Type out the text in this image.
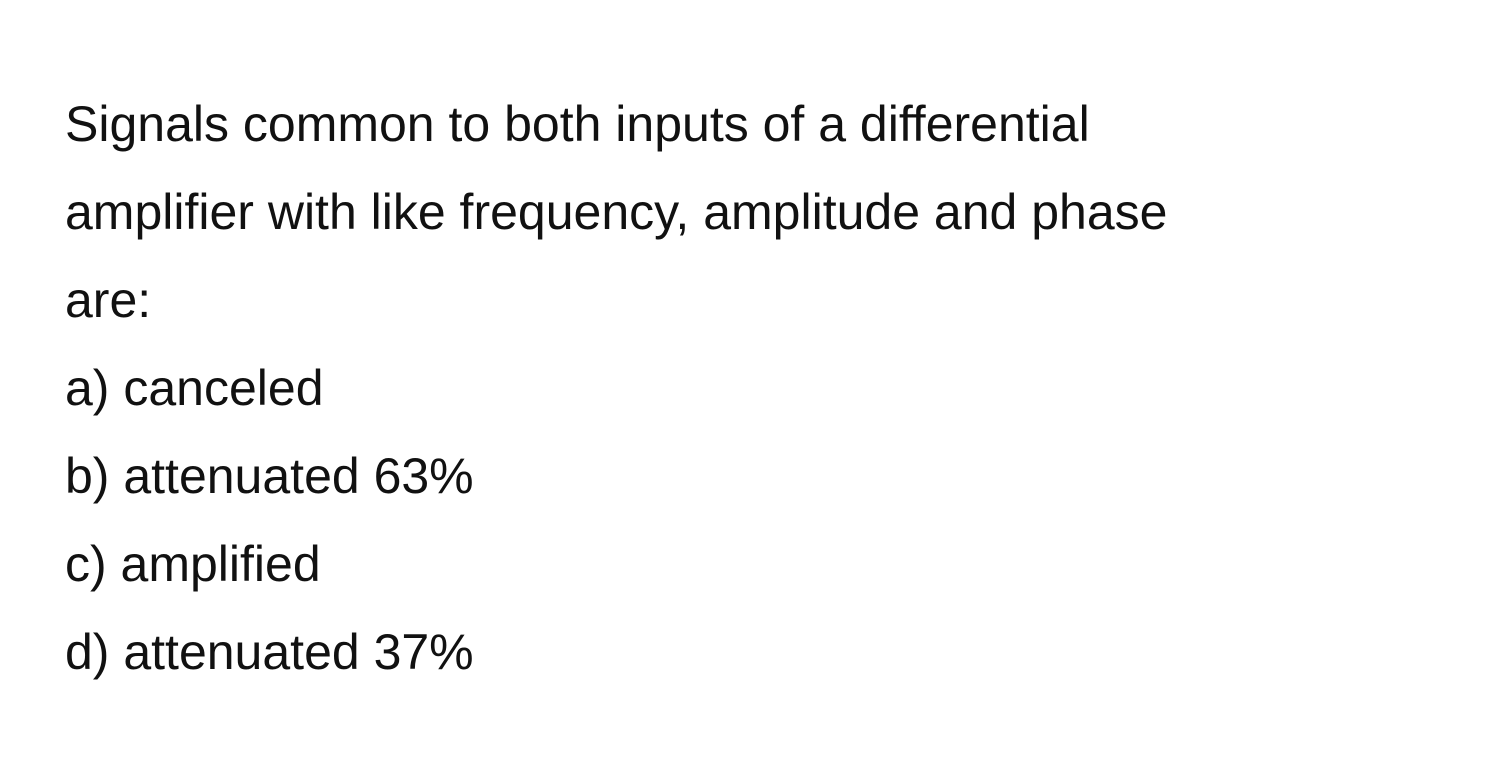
Signals common to both inputs of a differential
amplifier with like frequency, amplitude and phase
are:
a) canceled
b) attenuated 63%
c) amplified
d) attenuated 37%
